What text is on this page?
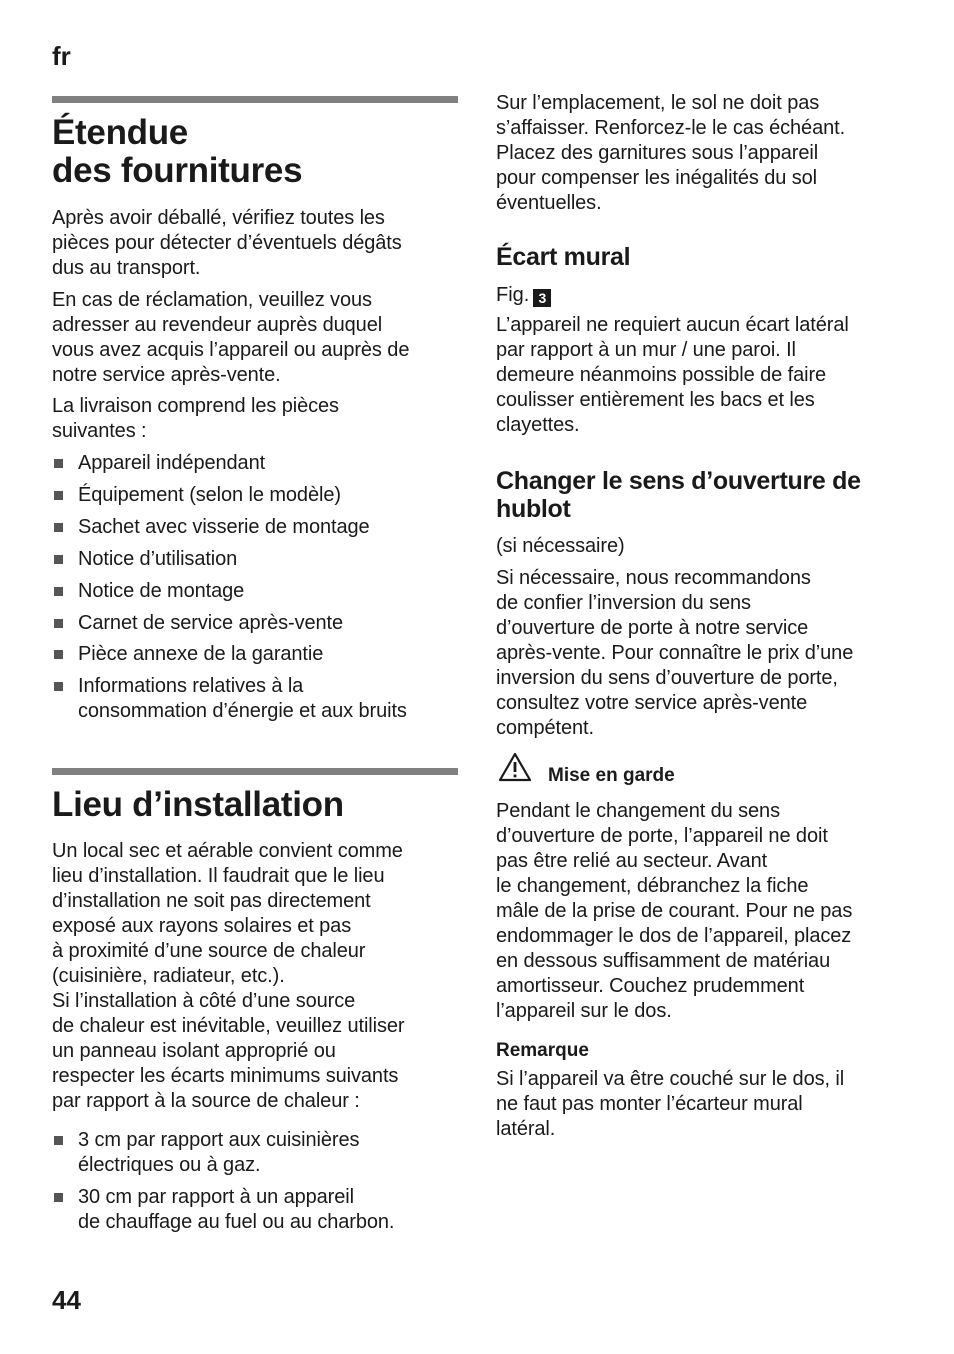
fr
Étendue
des fournitures
Après avoir déballé, vérifiez toutes les
pièces pour détecter d’éventuels dégâts
dus au transport.
En cas de réclamation, veuillez vous
adresser au revendeur auprès duquel
vous avez acquis l’appareil ou auprès de
notre service après-vente.
La livraison comprend les pièces
suivantes :
Appareil indépendant
Équipement (selon le modèle)
Sachet avec visserie de montage
Notice d’utilisation
Notice de montage
Carnet de service après-vente
Pièce annexe de la garantie
Informations relatives à la
consommation d’énergie et aux bruits
Lieu d’installation
Un local sec et aérable convient comme
lieu d’installation. Il faudrait que le lieu
d’installation ne soit pas directement
exposé aux rayons solaires et pas
à proximité d’une source de chaleur
(cuisinière, radiateur, etc.).
Si l’installation à côté d’une source
de chaleur est inévitable, veuillez utiliser
un panneau isolant approprié ou
respecter les écarts minimums suivants
par rapport à la source de chaleur :
3 cm par rapport aux cuisinières
électriques ou à gaz.
30 cm par rapport à un appareil
de chauffage au fuel ou au charbon.
Sur l’emplacement, le sol ne doit pas
s’affaisser. Renforcez-le le cas échéant.
Placez des garnitures sous l’appareil
pour compenser les inégalités du sol
éventuelles.
Écart mural
Fig. 3
L’appareil ne requiert aucun écart latéral
par rapport à un mur / une paroi. Il
demeure néanmoins possible de faire
coulisser entièrement les bacs et les
clayettes.
Changer le sens d’ouverture de
hublot
(si nécessaire)
Si nécessaire, nous recommandons
de confier l’inversion du sens
d’ouverture de porte à notre service
après-vente. Pour connaître le prix d’une
inversion du sens d’ouverture de porte,
consultez votre service après-vente
compétent.
Mise en garde
Pendant le changement du sens
d’ouverture de porte, l’appareil ne doit
pas être relié au secteur. Avant
le changement, débranchez la fiche
mâle de la prise de courant. Pour ne pas
endommager le dos de l’appareil, placez
en dessous suffisamment de matériau
amortisseur. Couchez prudemment
l’appareil sur le dos.
Remarque
Si l’appareil va être couché sur le dos, il
ne faut pas monter l’écarteur mural
latéral.
44
